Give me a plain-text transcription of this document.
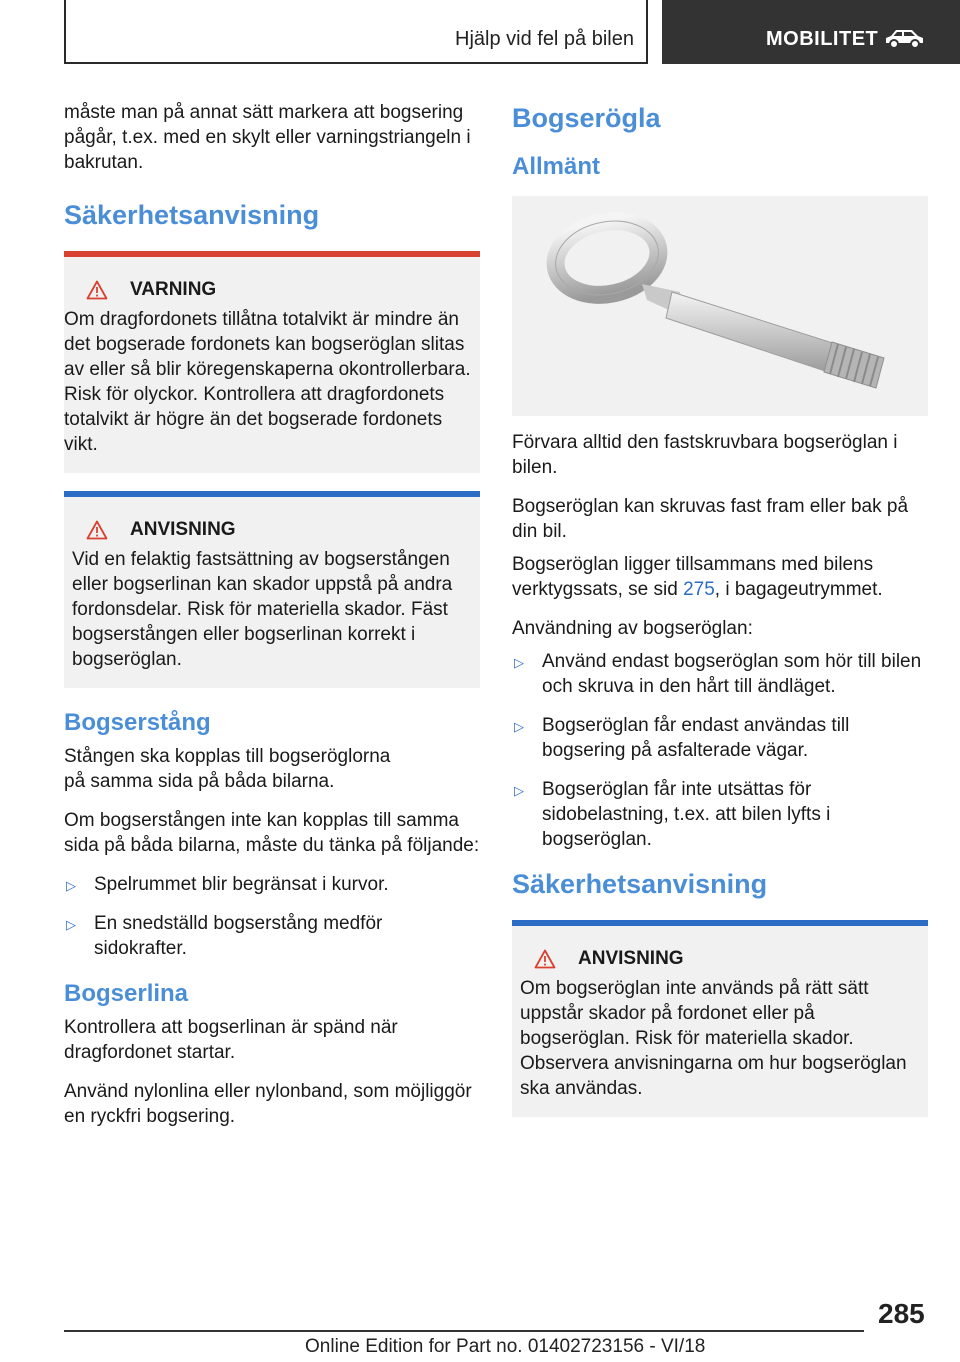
Hjälp vid fel på bilen	MOBILITET

måste man på annat sätt markera att bogsering pågår, t.ex. med en skylt eller varningstriangeln i bakrutan.

Säkerhetsanvisning
VARNING

Om dragfordonets tillåtna totalvikt är mindre än det bogserade fordonets kan bogseröglan slitas av eller så blir köregenskaperna okontrollerbara. Risk för olyckor. Kontrollera att dragfordonets totalvikt är högre än det bogserade fordonets vikt.

ANVISNING

Vid en felaktig fastsättning av bogserstången eller bogserlinan kan skador uppstå på andra fordonsdelar. Risk för materiella skador. Fäst bogserstången eller bogserlinan korrekt i bogseröglan.

Bogserstång

Stången ska kopplas till bogseröglorna på samma sida på båda bilarna.

Om bogserstången inte kan kopplas till samma sida på båda bilarna, måste du tänka på följande:

▷ Spelrummet blir begränsat i kurvor.
▷ En snedställd bogserstång medför sidokrafter.
Bogserlina

Kontrollera att bogserlinan är spänd när dragfordonet startar.

Använd nylonlina eller nylonband, som möjliggör en ryckfri bogsering.

Bogserögla
Allmänt

Förvara alltid den fastskruvbara bogseröglan i bilen.

Bogseröglan kan skruvas fast fram eller bak på din bil.

Bogseröglan ligger tillsammans med bilens verktygssats, se sid 275, i bagageutrymmet.

Användning av bogseröglan:

▷ Använd endast bogseröglan som hör till bilen och skruva in den hårt till ändläget.
▷ Bogseröglan får endast användas till bogsering på asfalterade vägar.
▷ Bogseröglan får inte utsättas för sidobelastning, t.ex. att bilen lyfts i bogseröglan.
Säkerhetsanvisning
ANVISNING

Om bogseröglan inte används på rätt sätt uppstår skador på fordonet eller på bogseröglan. Risk för materiella skador. Observera anvisningarna om hur bogseröglan ska användas.

285
Online Edition for Part no. 01402723156 - VI/18
